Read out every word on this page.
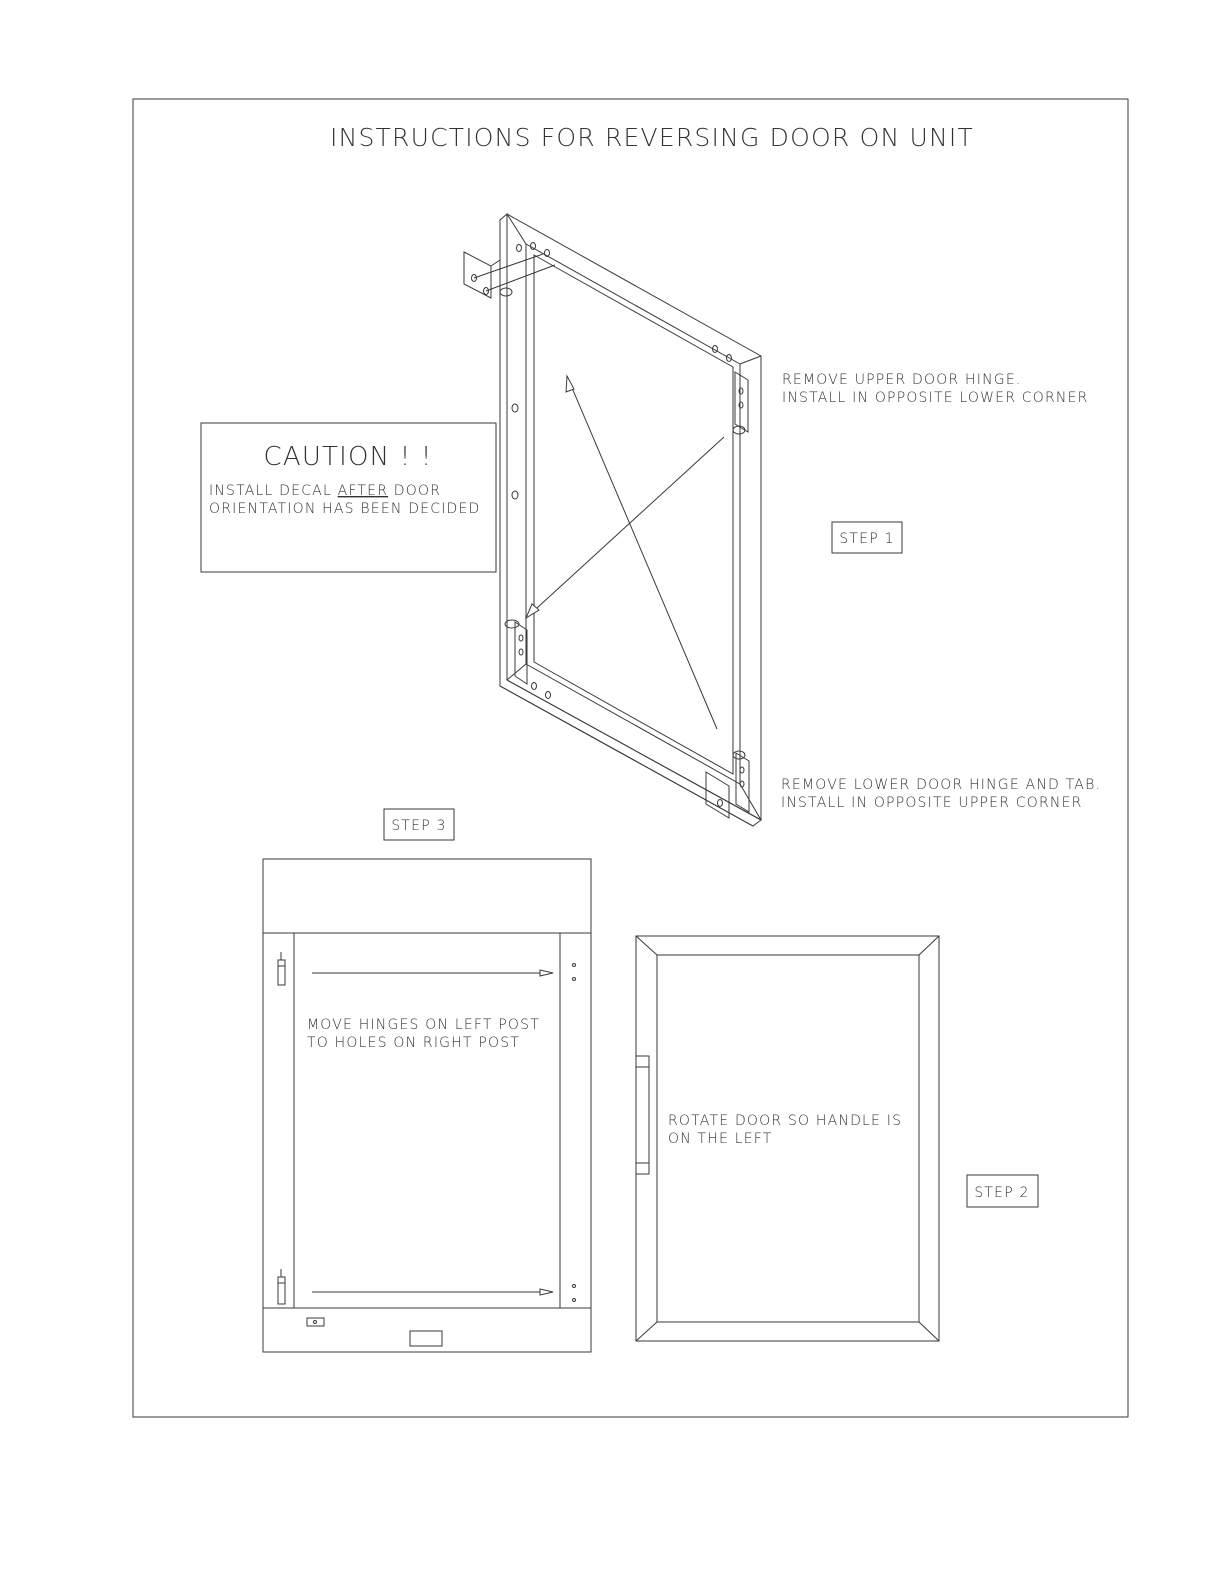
INSTRUCTIONS FOR REVERSING DOOR ON UNIT
CAUTION ! !
INSTALL DECAL AFTER DOOR
ORIENTATION HAS BEEN DECIDED
REMOVE UPPER DOOR HINGE.
INSTALL IN OPPOSITE LOWER CORNER
REMOVE LOWER DOOR HINGE AND TAB.
INSTALL IN OPPOSITE UPPER CORNER
STEP 1
STEP 3
MOVE HINGES ON LEFT POST
TO HOLES ON RIGHT POST
ROTATE DOOR SO HANDLE IS
ON THE LEFT
STEP 2
